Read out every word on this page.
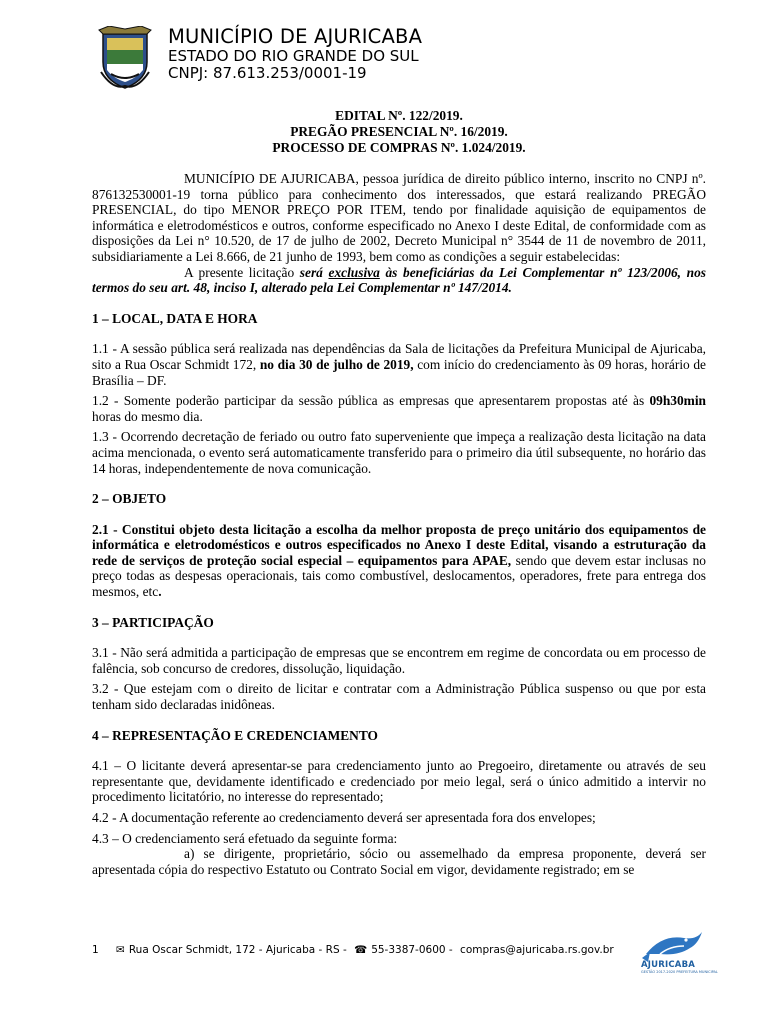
MUNICÍPIO DE AJURICABA
ESTADO DO RIO GRANDE DO SUL
CNPJ: 87.613.253/0001-19
EDITAL Nº. 122/2019.
PREGÃO PRESENCIAL Nº. 16/2019.
PROCESSO DE COMPRAS Nº. 1.024/2019.

MUNICÍPIO DE AJURICABA, pessoa jurídica de direito público interno, inscrito no CNPJ nº. 876132530001-19 torna público para conhecimento dos interessados, que estará realizando PREGÃO PRESENCIAL, do tipo MENOR PREÇO POR ITEM, tendo por finalidade aquisição de equipamentos de informática e eletrodomésticos e outros, conforme especificado no Anexo I deste Edital, de conformidade com as disposições da Lei n° 10.520, de 17 de julho de 2002, Decreto Municipal n° 3544 de 11 de novembro de 2011, subsidiariamente a Lei 8.666, de 21 junho de 1993, bem como as condições a seguir estabelecidas:

A presente licitação será exclusiva às beneficiárias da Lei Complementar nº 123/2006, nos termos do seu art. 48, inciso I, alterado pela Lei Complementar nº 147/2014.

1 – LOCAL, DATA E HORA

1.1 - A sessão pública será realizada nas dependências da Sala de licitações da Prefeitura Municipal de Ajuricaba, sito a Rua Oscar Schmidt 172, no dia 30 de julho de 2019, com início do credenciamento às 09 horas, horário de Brasília – DF.

1.2 - Somente poderão participar da sessão pública as empresas que apresentarem propostas até às 09h30min horas do mesmo dia.

1.3 - Ocorrendo decretação de feriado ou outro fato superveniente que impeça a realização desta licitação na data acima mencionada, o evento será automaticamente transferido para o primeiro dia útil subsequente, no horário das 14 horas, independentemente de nova comunicação.

2 – OBJETO

2.1 - Constitui objeto desta licitação a escolha da melhor proposta de preço unitário dos equipamentos de informática e eletrodomésticos e outros especificados no Anexo I deste Edital, visando a estruturação da rede de serviços de proteção social especial – equipamentos para APAE, sendo que devem estar inclusas no preço todas as despesas operacionais, tais como combustível, deslocamentos, operadores, frete para entrega dos mesmos, etc.

3 – PARTICIPAÇÃO

3.1 - Não será admitida a participação de empresas que se encontrem em regime de concordata ou em processo de falência, sob concurso de credores, dissolução, liquidação.

3.2 - Que estejam com o direito de licitar e contratar com a Administração Pública suspenso ou que por esta tenham sido declaradas inidôneas.

4 – REPRESENTAÇÃO E CREDENCIAMENTO

4.1 – O licitante deverá apresentar-se para credenciamento junto ao Pregoeiro, diretamente ou através de seu representante que, devidamente identificado e credenciado por meio legal, será o único admitido a intervir no procedimento licitatório, no interesse do representado;

4.2 - A documentação referente ao credenciamento deverá ser apresentada fora dos envelopes;

4.3 – O credenciamento será efetuado da seguinte forma:

a) se dirigente, proprietário, sócio ou assemelhado da empresa proponente, deverá ser apresentada cópia do respectivo Estatuto ou Contrato Social em vigor, devidamente registrado; em se

1 ✉ Rua Oscar Schmidt, 172 - Ajuricaba - RS - ☎ 55-3387-0600 - compras@ajuricaba.rs.gov.br
AJURICABA
GESTÃO 2017-2020 PREFEITURA MUNICIPAL
